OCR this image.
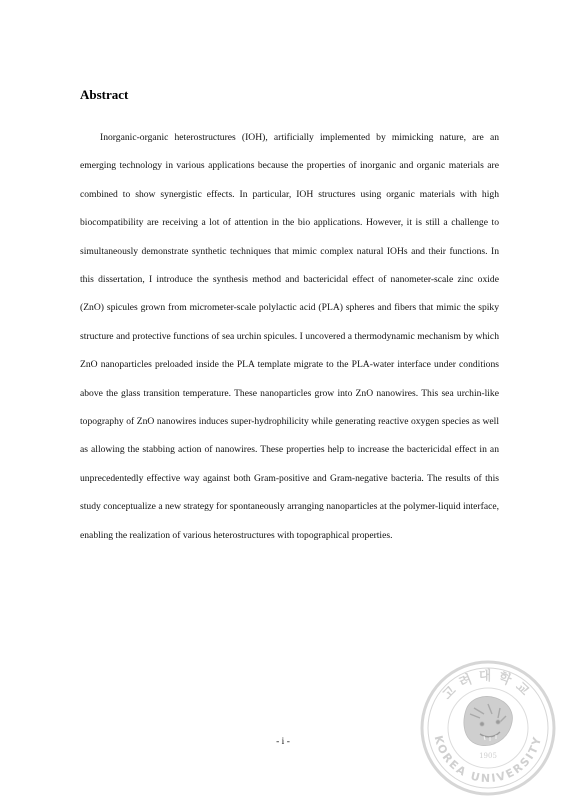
Abstract

Inorganic-organic heterostructures (IOH), artificially implemented by mimicking nature, are an emerging technology in various applications because the properties of inorganic and organic materials are combined to show synergistic effects. In particular, IOH structures using organic materials with high biocompatibility are receiving a lot of attention in the bio applications. However, it is still a challenge to simultaneously demonstrate synthetic techniques that mimic complex natural IOHs and their functions. In this dissertation, I introduce the synthesis method and bactericidal effect of nanometer-scale zinc oxide (ZnO) spicules grown from micrometer-scale polylactic acid (PLA) spheres and fibers that mimic the spiky structure and protective functions of sea urchin spicules. I uncovered a thermodynamic mechanism by which ZnO nanoparticles preloaded inside the PLA template migrate to the PLA-water interface under conditions above the glass transition temperature. These nanoparticles grow into ZnO nanowires. This sea urchin-like topography of ZnO nanowires induces super-hydrophilicity while generating reactive oxygen species as well as allowing the stabbing action of nanowires. These properties help to increase the bactericidal effect in an unprecedentedly effective way against both Gram-positive and Gram-negative bacteria. The results of this study conceptualize a new strategy for spontaneously arranging nanoparticles at the polymer-liquid interface, enabling the realization of various heterostructures with topographical properties.

- i -
고려대학교
KOREA UNIVERSITY
1905
